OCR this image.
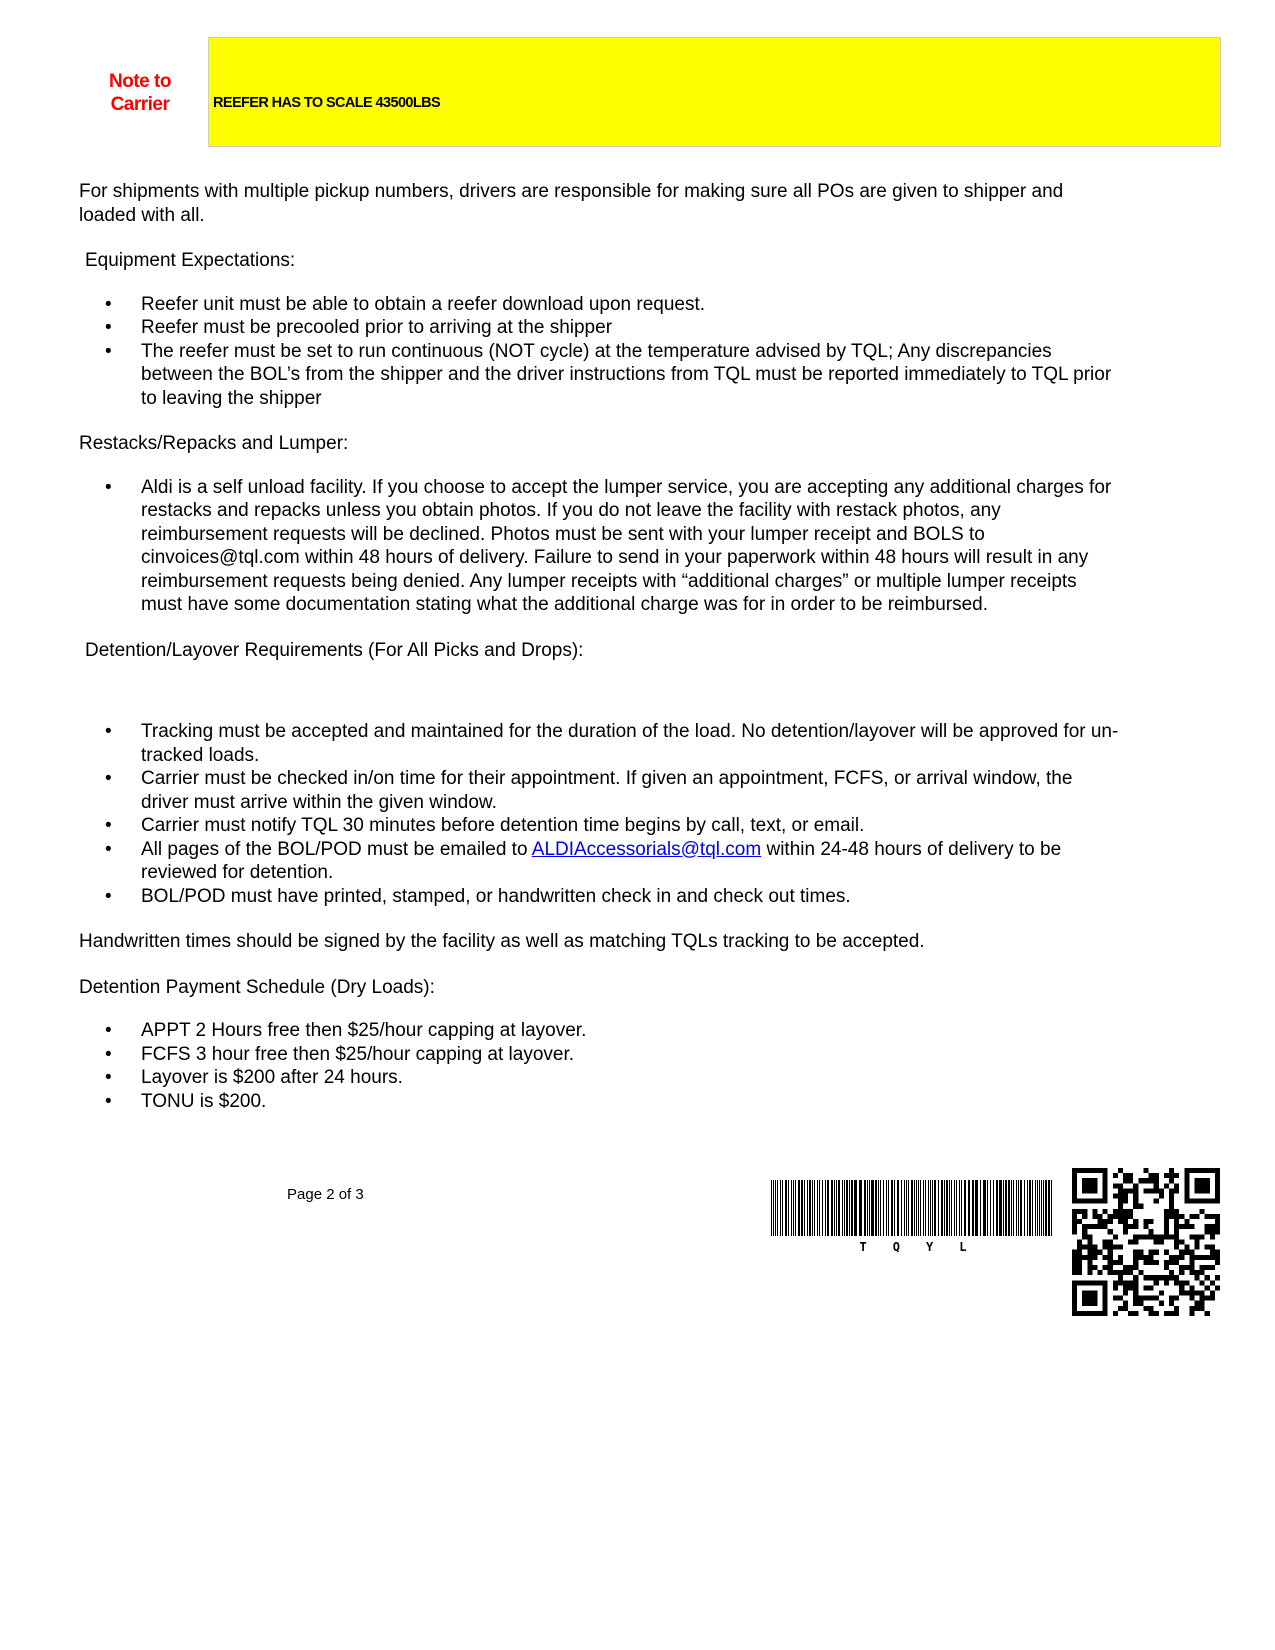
Note to
Carrier	REEFER HAS TO SCALE 43500LBS

For shipments with multiple pickup numbers, drivers are responsible for making sure all POs are given to shipper and loaded with all.

Equipment Expectations:

• Reefer unit must be able to obtain a reefer download upon request.
• Reefer must be precooled prior to arriving at the shipper
• The reefer must be set to run continuous (NOT cycle) at the temperature advised by TQL; Any discrepancies between the BOL’s from the shipper and the driver instructions from TQL must be reported immediately to TQL prior to leaving the shipper

Restacks/Repacks and Lumper:

• Aldi is a self unload facility. If you choose to accept the lumper service, you are accepting any additional charges for restacks and repacks unless you obtain photos. If you do not leave the facility with restack photos, any reimbursement requests will be declined. Photos must be sent with your lumper receipt and BOLS to cinvoices@tql.com within 48 hours of delivery. Failure to send in your paperwork within 48 hours will result in any reimbursement requests being denied. Any lumper receipts with “additional charges” or multiple lumper receipts must have some documentation stating what the additional charge was for in order to be reimbursed.

Detention/Layover Requirements (For All Picks and Drops):

• Tracking must be accepted and maintained for the duration of the load. No detention/layover will be approved for un-tracked loads.
• Carrier must be checked in/on time for their appointment. If given an appointment, FCFS, or arrival window, the driver must arrive within the given window.
• Carrier must notify TQL 30 minutes before detention time begins by call, text, or email.
• All pages of the BOL/POD must be emailed to ALDIAccessorials@tql.com within 24-48 hours of delivery to be reviewed for detention.
• BOL/POD must have printed, stamped, or handwritten check in and check out times.

Handwritten times should be signed by the facility as well as matching TQLs tracking to be accepted.

Detention Payment Schedule (Dry Loads):

• APPT 2 Hours free then $25/hour capping at layover.
• FCFS 3 hour free then $25/hour capping at layover.
• Layover is $200 after 24 hours.
• TONU is $200.
Page 2 of 3
T Q Y L
